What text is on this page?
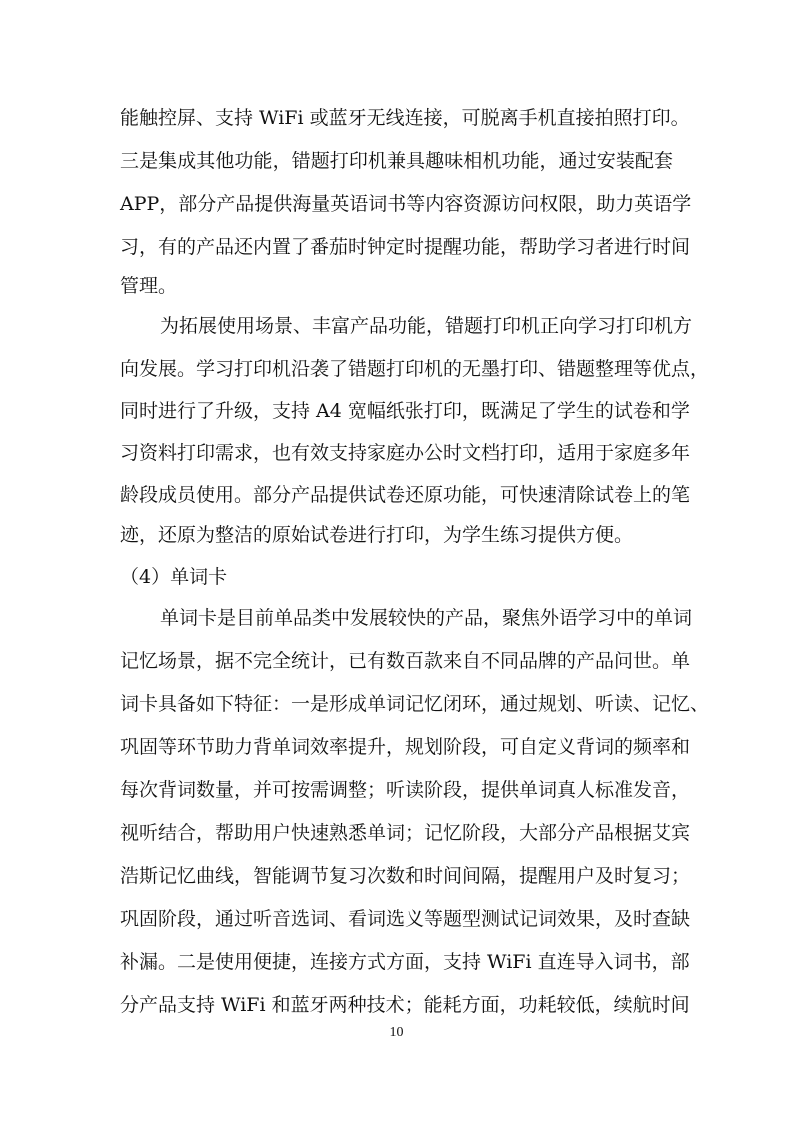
能触控屏、支持 WiFi 或蓝牙无线连接，可脱离手机直接拍照打印。
三是集成其他功能，错题打印机兼具趣味相机功能，通过安装配套
APP，部分产品提供海量英语词书等内容资源访问权限，助力英语学
习，有的产品还内置了番茄时钟定时提醒功能，帮助学习者进行时间
管理。
为拓展使用场景、丰富产品功能，错题打印机正向学习打印机方
向发展。学习打印机沿袭了错题打印机的无墨打印、错题整理等优点，
同时进行了升级，支持 A4 宽幅纸张打印，既满足了学生的试卷和学
习资料打印需求，也有效支持家庭办公时文档打印，适用于家庭多年
龄段成员使用。部分产品提供试卷还原功能，可快速清除试卷上的笔
迹，还原为整洁的原始试卷进行打印，为学生练习提供方便。
（4）单词卡
单词卡是目前单品类中发展较快的产品，聚焦外语学习中的单词
记忆场景，据不完全统计，已有数百款来自不同品牌的产品问世。单
词卡具备如下特征：一是形成单词记忆闭环，通过规划、听读、记忆、
巩固等环节助力背单词效率提升，规划阶段，可自定义背词的频率和
每次背词数量，并可按需调整；听读阶段，提供单词真人标准发音，
视听结合，帮助用户快速熟悉单词；记忆阶段，大部分产品根据艾宾
浩斯记忆曲线，智能调节复习次数和时间间隔，提醒用户及时复习；
巩固阶段，通过听音选词、看词选义等题型测试记词效果，及时查缺
补漏。二是使用便捷，连接方式方面，支持 WiFi 直连导入词书，部
分产品支持 WiFi 和蓝牙两种技术；能耗方面，功耗较低，续航时间
10
